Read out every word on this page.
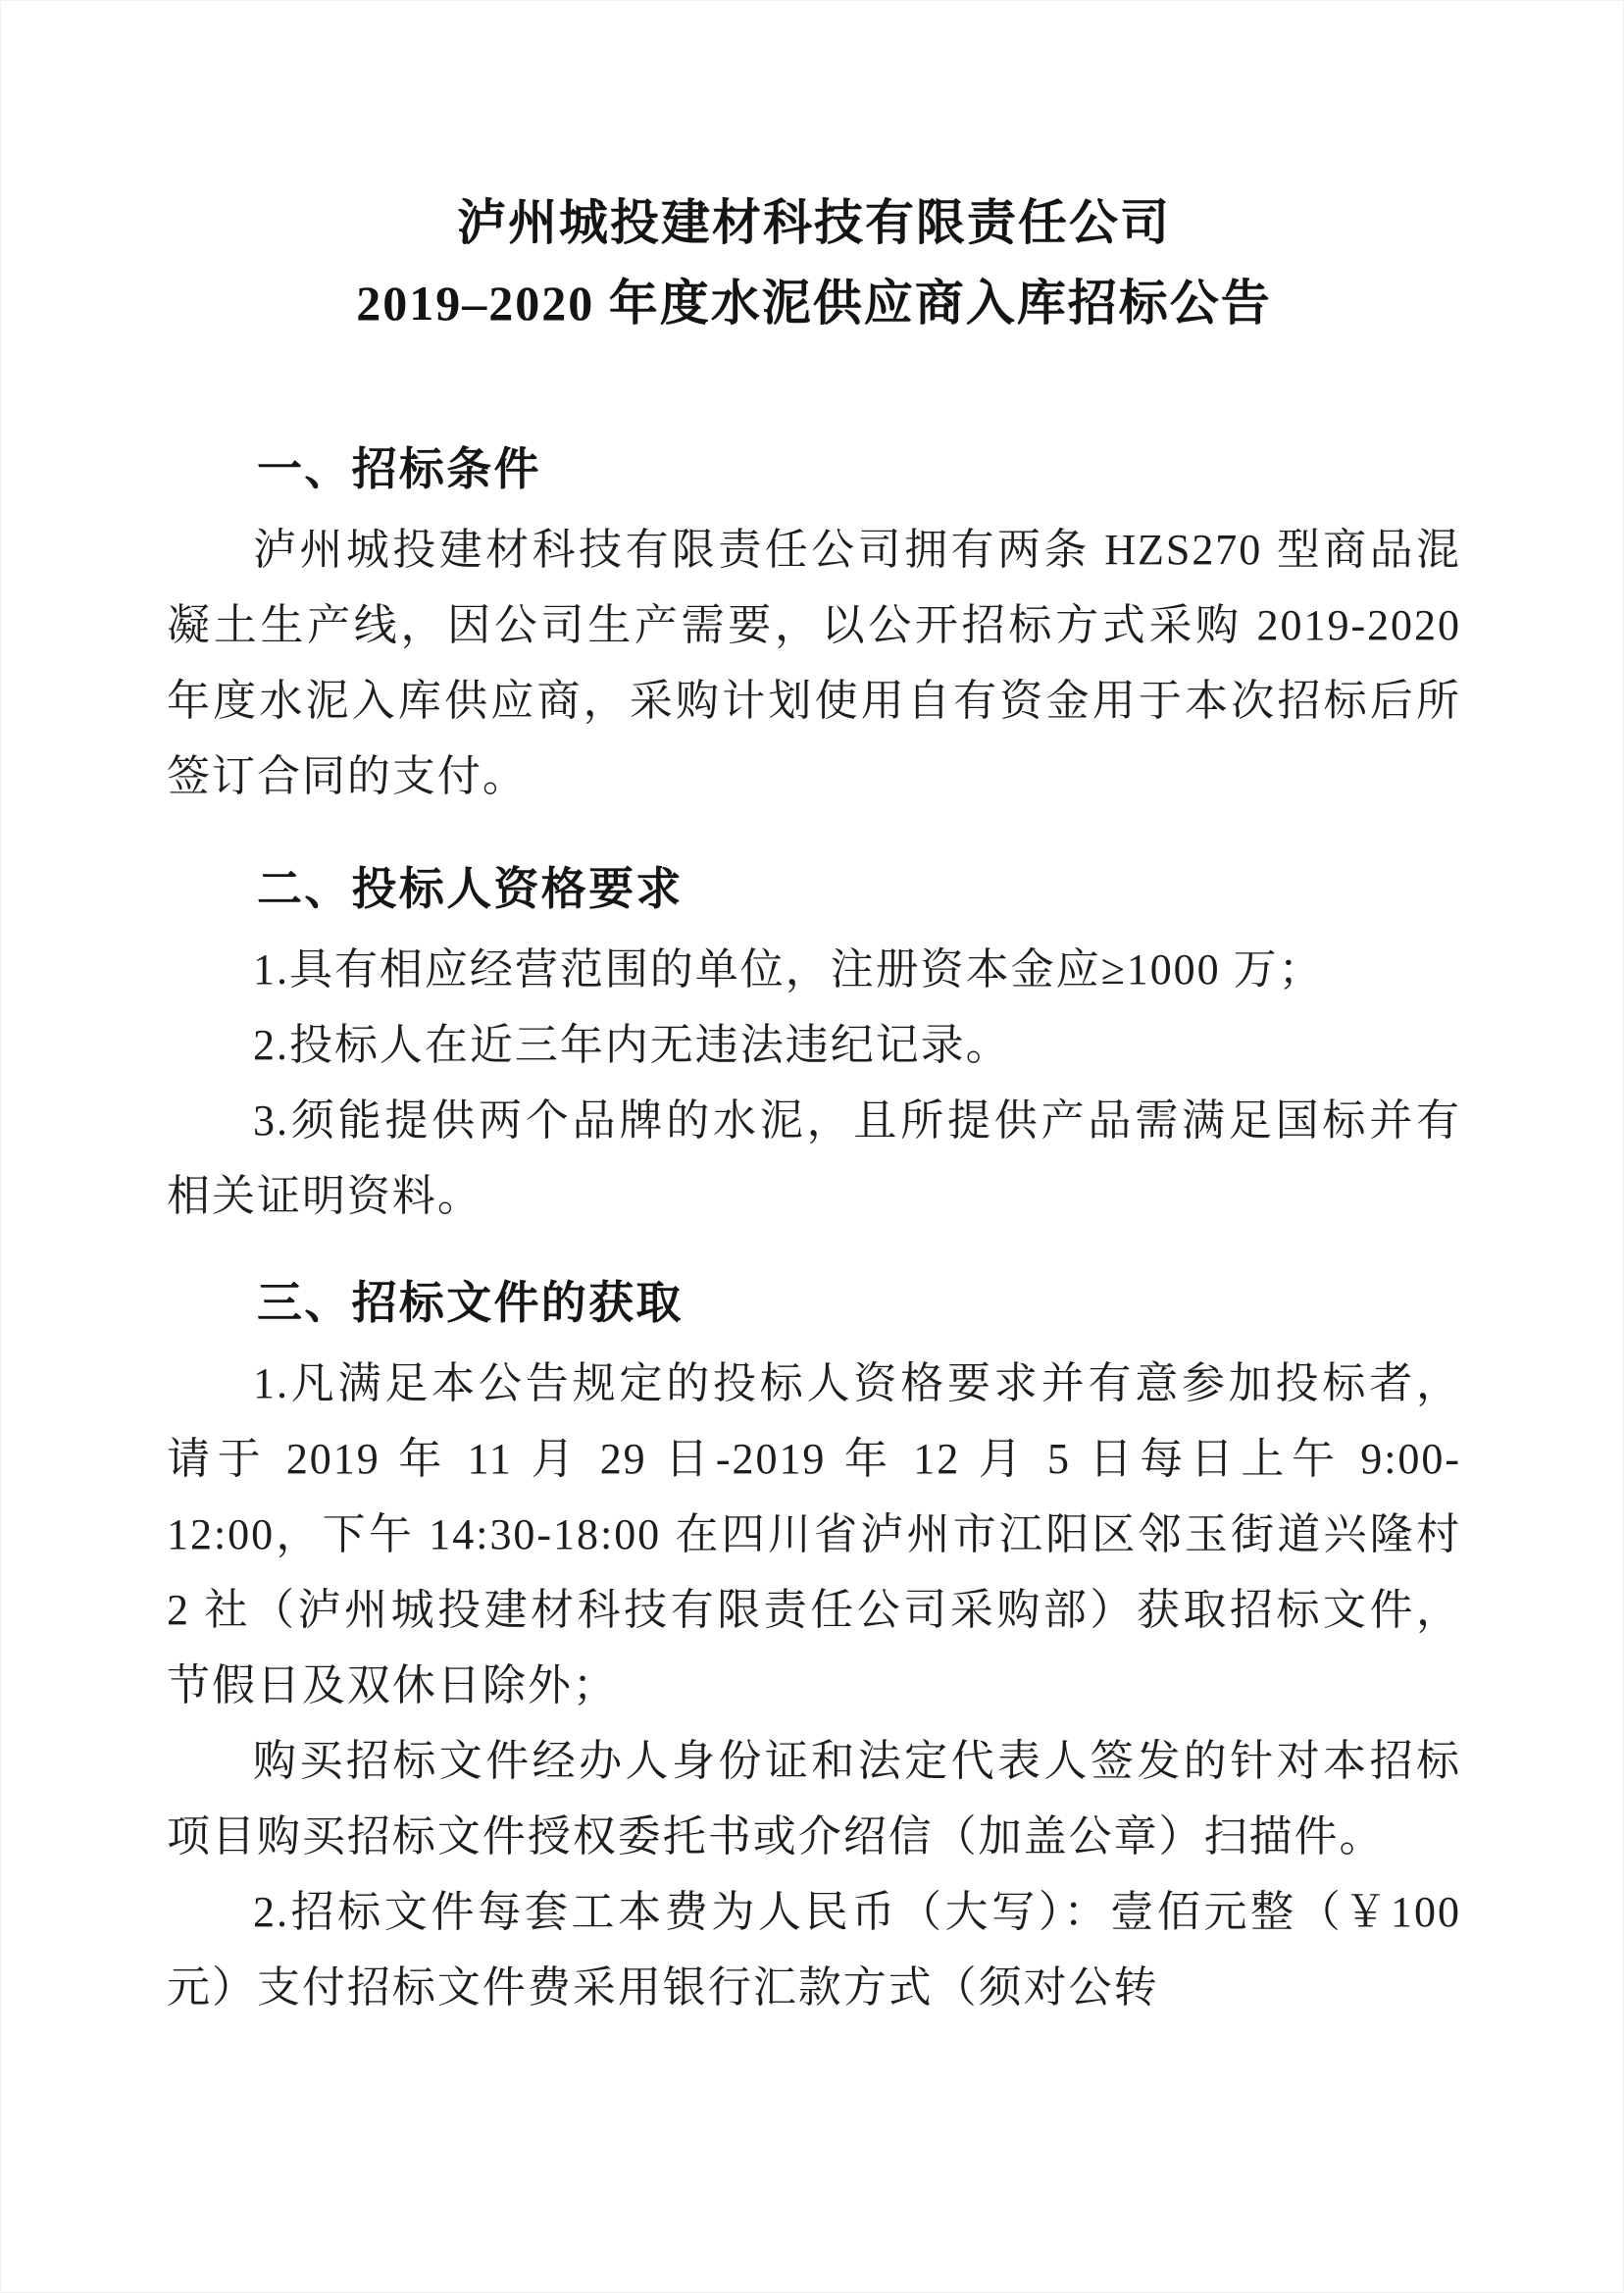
泸州城投建材科技有限责任公司
2019–2020 年度水泥供应商入库招标公告
一、招标条件

泸州城投建材科技有限责任公司拥有两条 HZS270 型商品混凝土生产线，因公司生产需要，以公开招标方式采购 2019-2020 年度水泥入库供应商，采购计划使用自有资金用于本次招标后所签订合同的支付。

二、投标人资格要求

1.具有相应经营范围的单位，注册资本金应≥1000 万；

2.投标人在近三年内无违法违纪记录。

3.须能提供两个品牌的水泥，且所提供产品需满足国标并有相关证明资料。

三、招标文件的获取

1.凡满足本公告规定的投标人资格要求并有意参加投标者，请于 2019 年 11 月 29 日-2019 年 12 月 5 日每日上午 9:00-12:00，下午 14:30-18:00 在四川省泸州市江阳区邻玉街道兴隆村 2 社（泸州城投建材科技有限责任公司采购部）获取招标文件，节假日及双休日除外；

购买招标文件经办人身份证和法定代表人签发的针对本招标项目购买招标文件授权委托书或介绍信（加盖公章）扫描件。

2.招标文件每套工本费为人民币（大写）：壹佰元整（￥100 元）支付招标文件费采用银行汇款方式（须对公转
